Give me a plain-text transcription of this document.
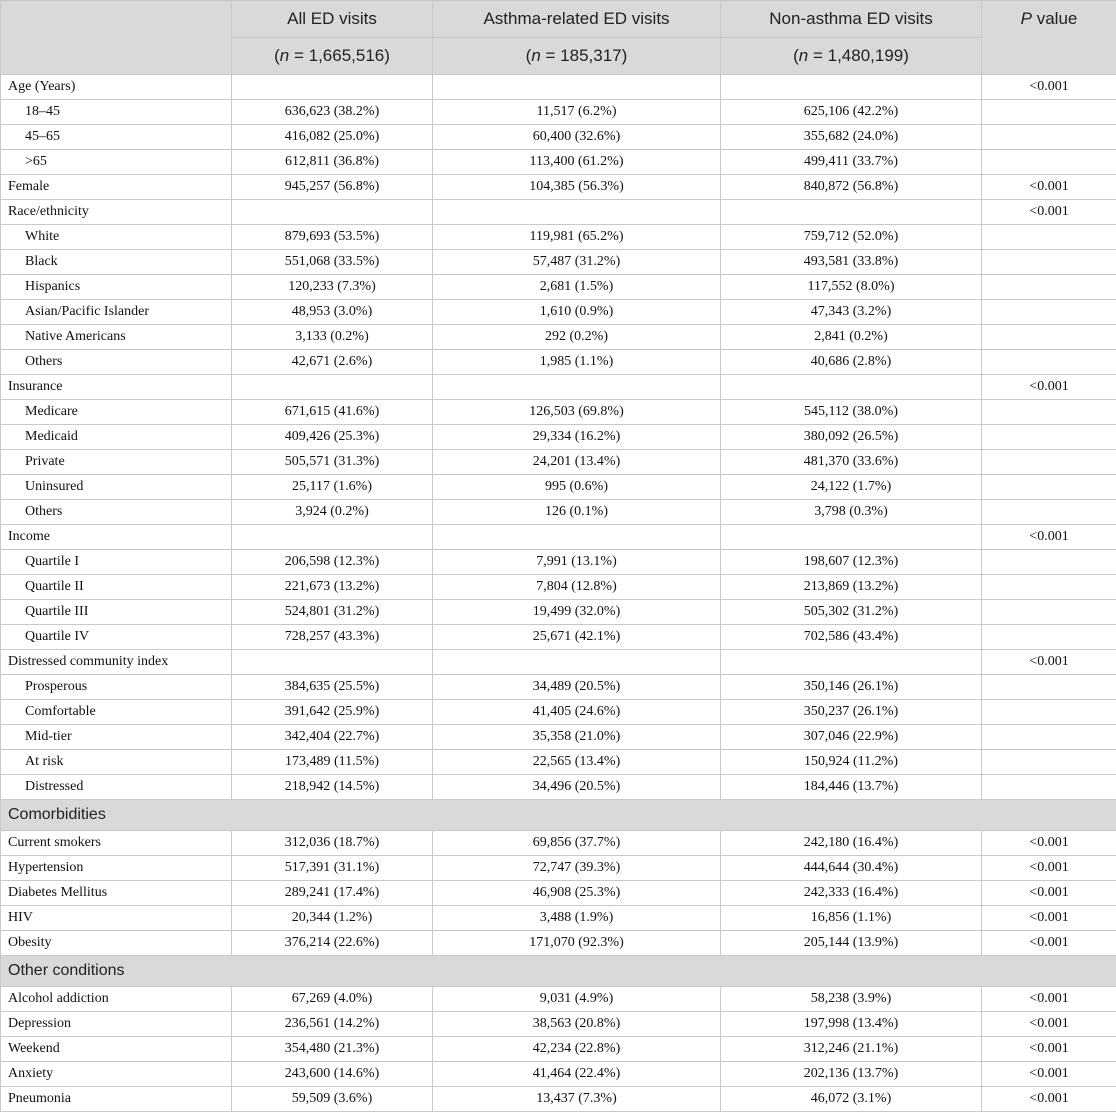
	All ED visits	Asthma-related ED visits	Non-asthma ED visits	P value
	(n = 1,665,516)	(n = 185,317)	(n = 1,480,199)	
Age (Years)				<0.001
18–45	636,623 (38.2%)	11,517 (6.2%)	625,106 (42.2%)	
45–65	416,082 (25.0%)	60,400 (32.6%)	355,682 (24.0%)	
>65	612,811 (36.8%)	113,400 (61.2%)	499,411 (33.7%)	
Female	945,257 (56.8%)	104,385 (56.3%)	840,872 (56.8%)	<0.001
Race/ethnicity				<0.001
White	879,693 (53.5%)	119,981 (65.2%)	759,712 (52.0%)	
Black	551,068 (33.5%)	57,487 (31.2%)	493,581 (33.8%)	
Hispanics	120,233 (7.3%)	2,681 (1.5%)	117,552 (8.0%)	
Asian/Pacific Islander	48,953 (3.0%)	1,610 (0.9%)	47,343 (3.2%)	
Native Americans	3,133 (0.2%)	292 (0.2%)	2,841 (0.2%)	
Others	42,671 (2.6%)	1,985 (1.1%)	40,686 (2.8%)	
Insurance				<0.001
Medicare	671,615 (41.6%)	126,503 (69.8%)	545,112 (38.0%)	
Medicaid	409,426 (25.3%)	29,334 (16.2%)	380,092 (26.5%)	
Private	505,571 (31.3%)	24,201 (13.4%)	481,370 (33.6%)	
Uninsured	25,117 (1.6%)	995 (0.6%)	24,122 (1.7%)	
Others	3,924 (0.2%)	126 (0.1%)	3,798 (0.3%)	
Income				<0.001
Quartile I	206,598 (12.3%)	7,991 (13.1%)	198,607 (12.3%)	
Quartile II	221,673 (13.2%)	7,804 (12.8%)	213,869 (13.2%)	
Quartile III	524,801 (31.2%)	19,499 (32.0%)	505,302 (31.2%)	
Quartile IV	728,257 (43.3%)	25,671 (42.1%)	702,586 (43.4%)	
Distressed community index				<0.001
Prosperous	384,635 (25.5%)	34,489 (20.5%)	350,146 (26.1%)	
Comfortable	391,642 (25.9%)	41,405 (24.6%)	350,237 (26.1%)	
Mid-tier	342,404 (22.7%)	35,358 (21.0%)	307,046 (22.9%)	
At risk	173,489 (11.5%)	22,565 (13.4%)	150,924 (11.2%)	
Distressed	218,942 (14.5%)	34,496 (20.5%)	184,446 (13.7%)	
Comorbidities				
Current smokers	312,036 (18.7%)	69,856 (37.7%)	242,180 (16.4%)	<0.001
Hypertension	517,391 (31.1%)	72,747 (39.3%)	444,644 (30.4%)	<0.001
Diabetes Mellitus	289,241 (17.4%)	46,908 (25.3%)	242,333 (16.4%)	<0.001
HIV	20,344 (1.2%)	3,488 (1.9%)	16,856 (1.1%)	<0.001
Obesity	376,214 (22.6%)	171,070 (92.3%)	205,144 (13.9%)	<0.001
Other conditions				
Alcohol addiction	67,269 (4.0%)	9,031 (4.9%)	58,238 (3.9%)	<0.001
Depression	236,561 (14.2%)	38,563 (20.8%)	197,998 (13.4%)	<0.001
Weekend	354,480 (21.3%)	42,234 (22.8%)	312,246 (21.1%)	<0.001
Anxiety	243,600 (14.6%)	41,464 (22.4%)	202,136 (13.7%)	<0.001
Pneumonia	59,509 (3.6%)	13,437 (7.3%)	46,072 (3.1%)	<0.001
